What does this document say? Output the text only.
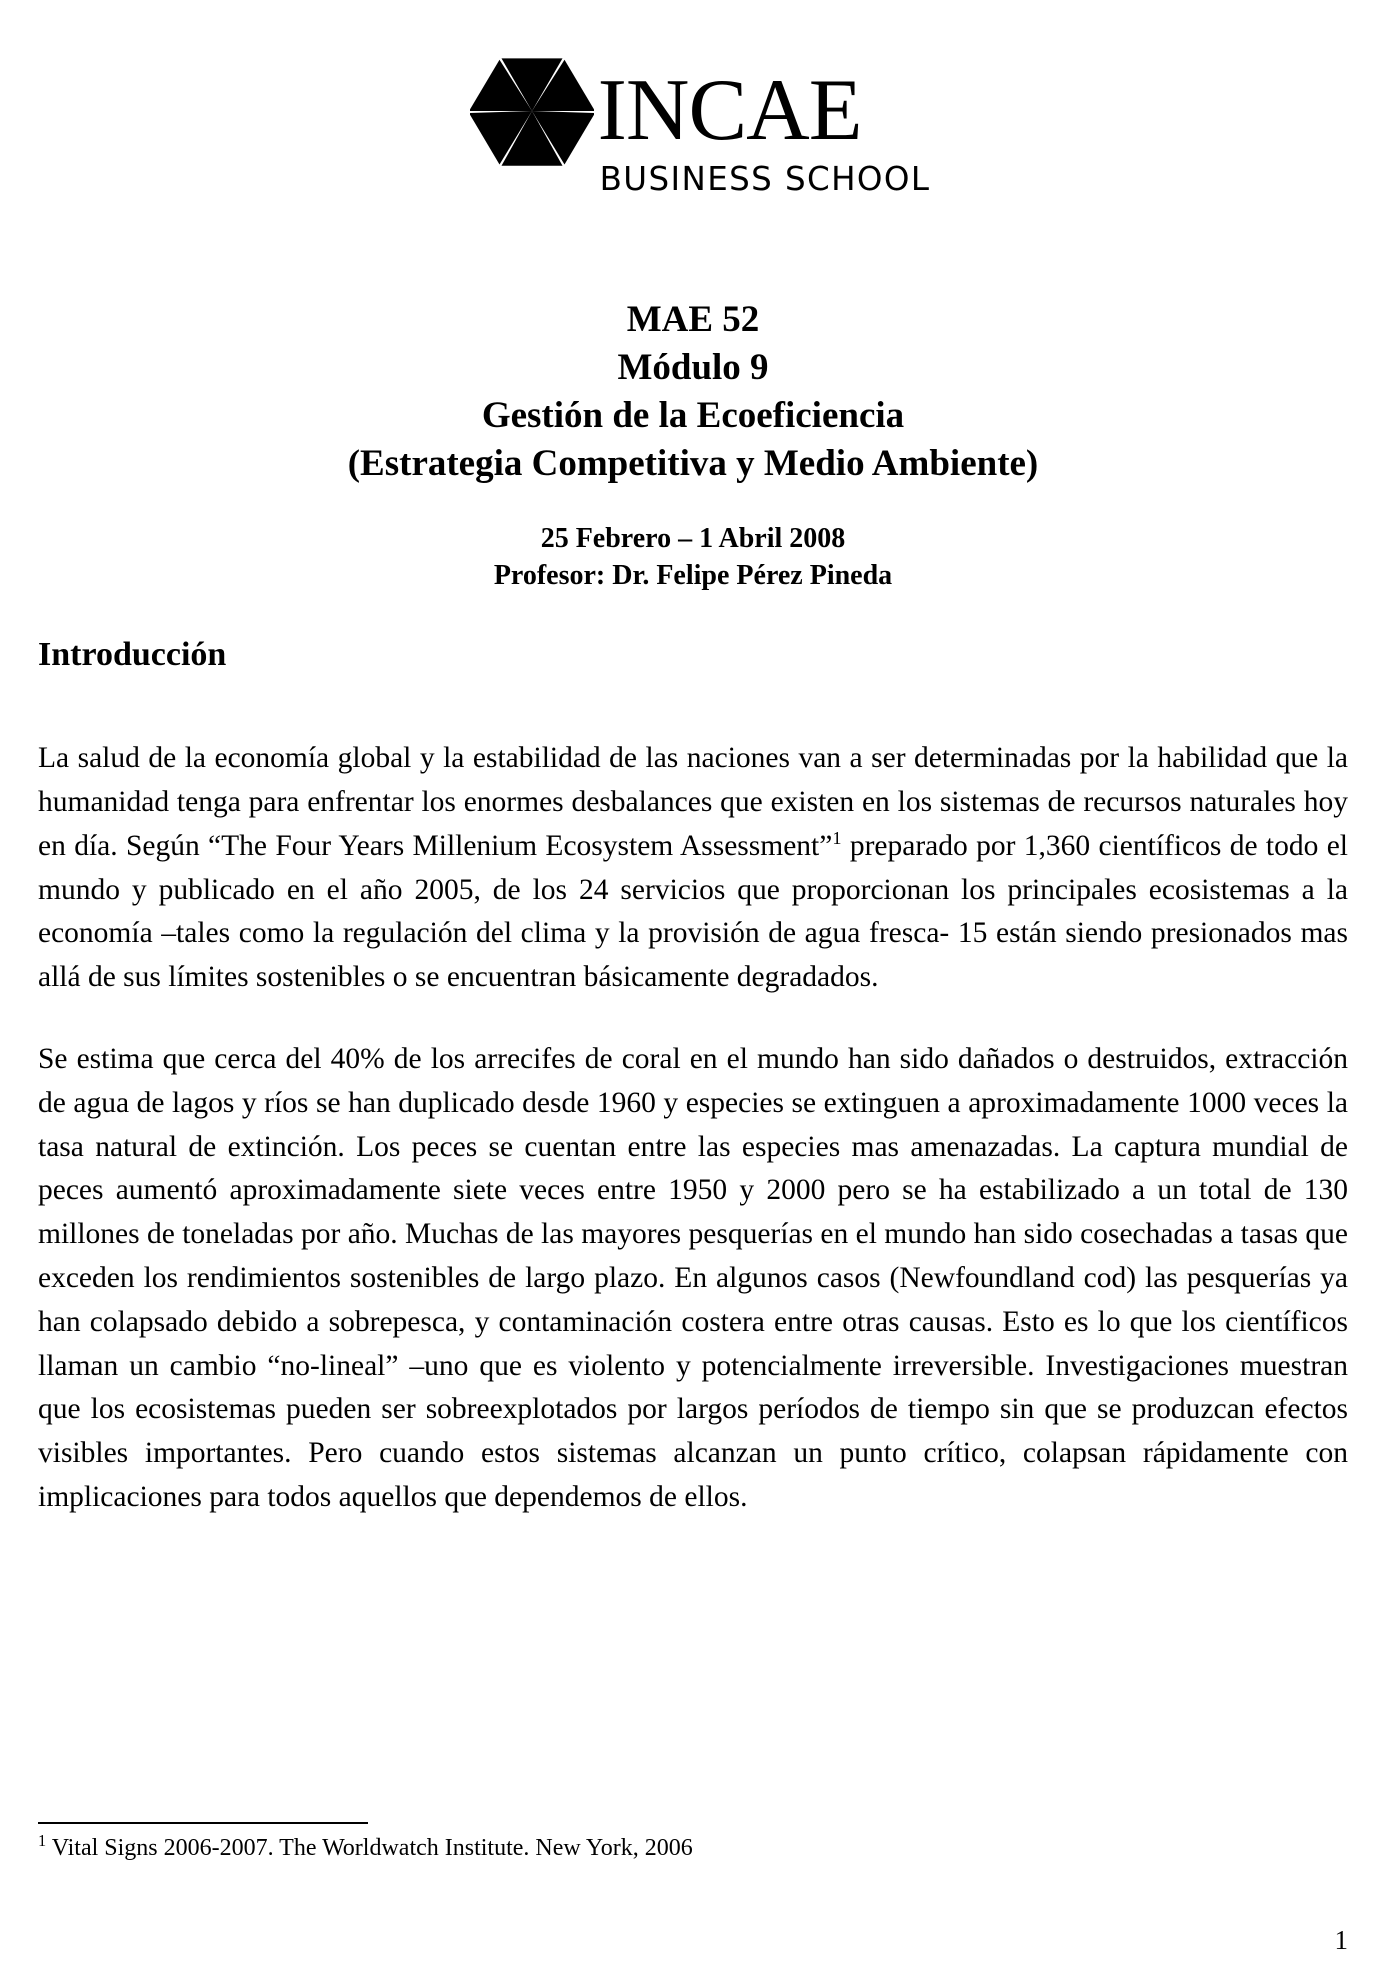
INCAE
BUSINESS SCHOOL
MAE 52
Módulo 9
Gestión de la Ecoeficiencia
(Estrategia Competitiva y Medio Ambiente)
25 Febrero – 1 Abril 2008
Profesor: Dr. Felipe Pérez Pineda
Introducción

La salud de la economía global y la estabilidad de las naciones van a ser determinadas por la habilidad que la humanidad tenga para enfrentar los enormes desbalances que existen en los sistemas de recursos naturales hoy en día. Según “The Four Years Millenium Ecosystem Assessment”$^1$ preparado por 1,360 científicos de todo el mundo y publicado en el año 2005, de los 24 servicios que proporcionan los principales ecosistemas a la economía –tales como la regulación del clima y la provisión de agua fresca- 15 están siendo presionados mas allá de sus límites sostenibles o se encuentran básicamente degradados.

Se estima que cerca del 40% de los arrecifes de coral en el mundo han sido dañados o destruidos, extracción de agua de lagos y ríos se han duplicado desde 1960 y especies se extinguen a aproximadamente 1000 veces la tasa natural de extinción. Los peces se cuentan entre las especies mas amenazadas. La captura mundial de peces aumentó aproximadamente siete veces entre 1950 y 2000 pero se ha estabilizado a un total de 130 millones de toneladas por año. Muchas de las mayores pesquerías en el mundo han sido cosechadas a tasas que exceden los rendimientos sostenibles de largo plazo. En algunos casos (Newfoundland cod) las pesquerías ya han colapsado debido a sobrepesca, y contaminación costera entre otras causas. Esto es lo que los científicos llaman un cambio “no-lineal” –uno que es violento y potencialmente irreversible. Investigaciones muestran que los ecosistemas pueden ser sobreexplotados por largos períodos de tiempo sin que se produzcan efectos visibles importantes. Pero cuando estos sistemas alcanzan un punto crítico, colapsan rápidamente con implicaciones para todos aquellos que dependemos de ellos.

$^1$ Vital Signs 2006-2007. The Worldwatch Institute. New York, 2006
1
